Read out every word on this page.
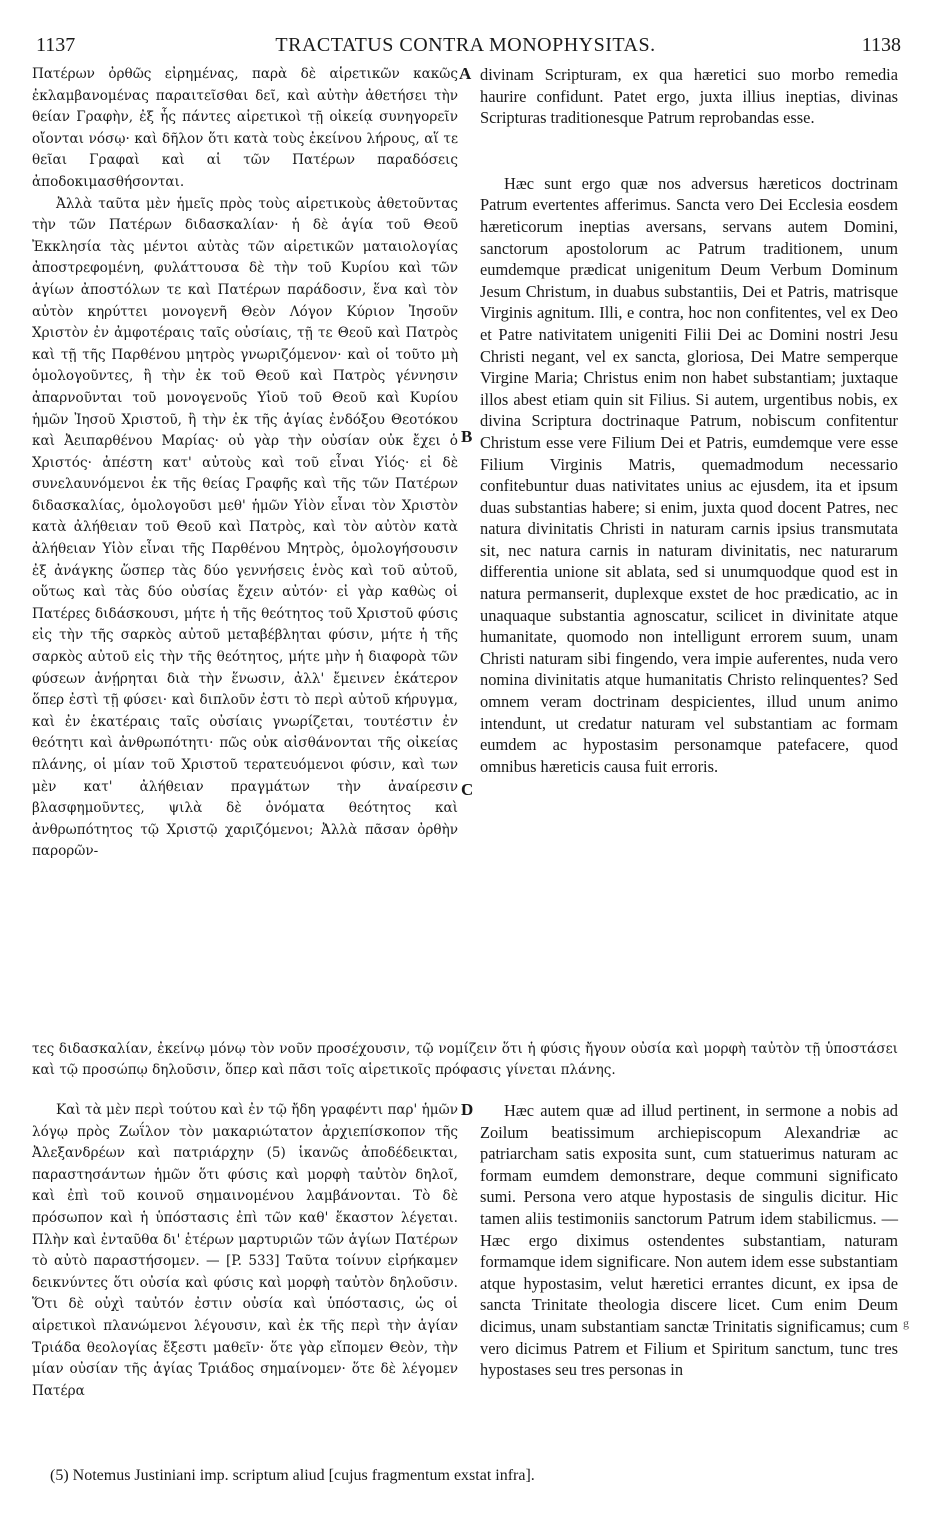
1137	TRACTATUS CONTRA MONOPHYSITAS.	1138

Πατέρων ὀρθῶς εἰρημένας, παρὰ δὲ αἱρετικῶν κακῶς ἐκλαμβανομένας παραιτεῖσθαι δεῖ, καὶ αὐτὴν ἀθετήσει τὴν θείαν Γραφὴν, ἐξ ἧς πάντες αἱρετικοὶ τῇ οἰκείᾳ συνηγορεῖν οἴονται νόσῳ· καὶ δῆλον ὅτι κατὰ τοὺς ἐκείνου λήρους, αἵ τε θεῖαι Γραφαὶ καὶ αἱ τῶν Πατέρων παραδόσεις ἀποδοκιμασθήσονται.

Ἀλλὰ ταῦτα μὲν ἡμεῖς πρὸς τοὺς αἱρετικοὺς ἀθετοῦντας τὴν τῶν Πατέρων διδασκαλίαν· ἡ δὲ ἁγία τοῦ Θεοῦ Ἐκκλησία τὰς μέντοι αὐτὰς τῶν αἱρετικῶν ματαιολογίας ἀποστρεφομένη, φυλάττουσα δὲ τὴν τοῦ Κυρίου καὶ τῶν ἁγίων ἀποστόλων τε καὶ Πατέρων παράδοσιν, ἕνα καὶ τὸν αὐτὸν κηρύττει μονογενῆ Θεὸν Λόγον Κύριον Ἰησοῦν Χριστὸν ἐν ἀμφοτέραις ταῖς οὐσίαις, τῇ τε Θεοῦ καὶ Πατρὸς καὶ τῇ τῆς Παρθένου μητρὸς γνωριζόμενον· καὶ οἱ τοῦτο μὴ ὁμολογοῦντες, ἢ τὴν ἐκ τοῦ Θεοῦ καὶ Πατρὸς γέννησιν ἀπαρνοῦνται τοῦ μονογενοῦς Υἱοῦ τοῦ Θεοῦ καὶ Κυρίου ἡμῶν Ἰησοῦ Χριστοῦ, ἢ τὴν ἐκ τῆς ἁγίας ἐνδόξου Θεοτόκου καὶ Ἀειπαρθένου Μαρίας· οὐ γὰρ τὴν οὐσίαν οὐκ ἔχει ὁ Χριστός· ἀπέστη κατ' αὐτοὺς καὶ τοῦ εἶναι Υἱός· εἰ δὲ συνελαυνόμενοι ἐκ τῆς θείας Γραφῆς καὶ τῆς τῶν Πατέρων διδασκαλίας, ὁμολογοῦσι μεθ' ἡμῶν Υἱὸν εἶναι τὸν Χριστὸν κατὰ ἀλήθειαν τοῦ Θεοῦ καὶ Πατρὸς, καὶ τὸν αὐτὸν κατὰ ἀλήθειαν Υἱὸν εἶναι τῆς Παρθένου Μητρὸς, ὁμολογήσουσιν ἐξ ἀνάγκης ὥσπερ τὰς δύο γεννήσεις ἑνὸς καὶ τοῦ αὐτοῦ, οὕτως καὶ τὰς δύο οὐσίας ἔχειν αὐτόν· εἰ γὰρ καθὼς οἱ Πατέρες διδάσκουσι, μήτε ἡ τῆς θεότητος τοῦ Χριστοῦ φύσις εἰς τὴν τῆς σαρκὸς αὐτοῦ μεταβέβληται φύσιν, μήτε ἡ τῆς σαρκὸς αὐτοῦ εἰς τὴν τῆς θεότητος, μήτε μὴν ἡ διαφορὰ τῶν φύσεων ἀνῄρηται διὰ τὴν ἕνωσιν, ἀλλ' ἔμεινεν ἑκάτερον ὅπερ ἐστὶ τῇ φύσει· καὶ διπλοῦν ἐστι τὸ περὶ αὐτοῦ κήρυγμα, καὶ ἐν ἑκατέραις ταῖς οὐσίαις γνωρίζεται, τουτέστιν ἐν θεότητι καὶ ἀνθρωπότητι· πῶς οὐκ αἰσθάνονται τῆς οἰκείας πλάνης, οἱ μίαν τοῦ Χριστοῦ τερατευόμενοι φύσιν, καὶ των μὲν κατ' ἀλήθειαν πραγμάτων τὴν ἀναίρεσιν βλασφημοῦντες, ψιλὰ δὲ ὀνόματα θεότητος καὶ ἀνθρωπότητος τῷ Χριστῷ χαριζόμενοι; Ἀλλὰ πᾶσαν ὀρθὴν παρορῶν-

divinam Scripturam, ex qua hæretici suo morbo remedia haurire confidunt. Patet ergo, juxta illius ineptias, divinas Scripturas traditionesque Patrum reprobandas esse.

Hæc sunt ergo quæ nos adversus hæreticos doctrinam Patrum evertentes afferimus. Sancta vero Dei Ecclesia eosdem hæreticorum ineptias aversans, servans autem Domini, sanctorum apostolorum ac Patrum traditionem, unum eumdemque prædicat unigenitum Deum Verbum Dominum Jesum Christum, in duabus substantiis, Dei et Patris, matrisque Virginis agnitum. Illi, e contra, hoc non confitentes, vel ex Deo et Patre nativitatem unigeniti Filii Dei ac Domini nostri Jesu Christi negant, vel ex sancta, gloriosa, Dei Matre semperque Virgine Maria; Christus enim non habet substantiam; juxtaque illos abest etiam quin sit Filius. Si autem, urgentibus nobis, ex divina Scriptura doctrinaque Patrum, nobiscum confitentur Christum esse vere Filium Dei et Patris, eumdemque vere esse Filium Virginis Matris, quemadmodum necessario confitebuntur duas nativitates unius ac ejusdem, ita et ipsum duas substantias habere; si enim, juxta quod docent Patres, nec natura divinitatis Christi in naturam carnis ipsius transmutata sit, nec natura carnis in naturam divinitatis, nec naturarum differentia unione sit ablata, sed si unumquodque quod est in natura permanserit, duplexque exstet de hoc prædicatio, ac in unaquaque substantia agnoscatur, scilicet in divinitate atque humanitate, quomodo non intelligunt errorem suum, unam Christi naturam sibi fingendo, vera impie auferentes, nuda vero nomina divinitatis atque humanitatis Christo relinquentes? Sed omnem veram doctrinam despicientes, illud unum animo intendunt, ut credatur naturam vel substantiam ac formam eumdem ac hypostasim personamque patefacere, quod omnibus hæreticis causa fuit erroris.

A
B
C
D

τες διδασκαλίαν, ἐκείνῳ μόνῳ τὸν νοῦν προσέχουσιν, τῷ νομίζειν ὅτι ἡ φύσις ἤγουν οὐσία καὶ μορφὴ ταὐτὸν τῇ ὑποστάσει καὶ τῷ προσώπῳ δηλοῦσιν, ὅπερ καὶ πᾶσι τοῖς αἱρετικοῖς πρόφασις γίνεται πλάνης.

Καὶ τὰ μὲν περὶ τούτου καὶ ἐν τῷ ἤδη γραφέντι παρ' ἡμῶν λόγῳ πρὸς Ζωΐλον τὸν μακαριώτατον ἀρχιεπίσκοπον τῆς Ἀλεξανδρέων καὶ πατριάρχην (5) ἱκανῶς ἀποδέδεικται, παραστησάντων ἡμῶν ὅτι φύσις καὶ μορφὴ ταὐτὸν δηλοῖ, καὶ ἐπὶ τοῦ κοινοῦ σημαινομένου λαμβάνονται. Τὸ δὲ πρόσωπον καὶ ἡ ὑπόστασις ἐπὶ τῶν καθ' ἕκαστον λέγεται. Πλὴν καὶ ἐνταῦθα δι' ἑτέρων μαρτυριῶν τῶν ἁγίων Πατέρων τὸ αὐτὸ παραστήσομεν. — [P. 533] Ταῦτα τοίνυν εἰρήκαμεν δεικνύντες ὅτι οὐσία καὶ φύσις καὶ μορφὴ ταὐτὸν δηλοῦσιν. Ὅτι δὲ οὐχὶ ταὐτόν ἐστιν οὐσία καὶ ὑπόστασις, ὡς οἱ αἱρετικοὶ πλανώμενοι λέγουσιν, καὶ ἐκ τῆς περὶ τὴν ἁγίαν Τριάδα θεολογίας ἔξεστι μαθεῖν· ὅτε γὰρ εἴπομεν Θεὸν, τὴν μίαν οὐσίαν τῆς ἁγίας Τριάδος σημαίνομεν· ὅτε δὲ λέγομεν Πατέρα

Hæc autem quæ ad illud pertinent, in sermone a nobis ad Zoilum beatissimum archiepiscopum Alexandriæ ac patriarcham satis exposita sunt, cum statuerimus naturam ac formam eumdem demonstrare, deque communi significato sumi. Persona vero atque hypostasis de singulis dicitur. Hic tamen aliis testimoniis sanctorum Patrum idem stabilicmus. — Hæc ergo diximus ostendentes substantiam, naturam formamque idem significare. Non autem idem esse substantiam atque hypostasim, velut hæretici errantes dicunt, ex ipsa de sancta Trinitate theologia discere licet. Cum enim Deum dicimus, unam substantiam sanctæ Trinitatis significamus; cum vero dicimus Patrem et Filium et Spiritum sanctum, tunc tres hypostases seu tres personas in

g
(5) Notemus Justiniani imp. scriptum aliud [cujus fragmentum exstat infra].
